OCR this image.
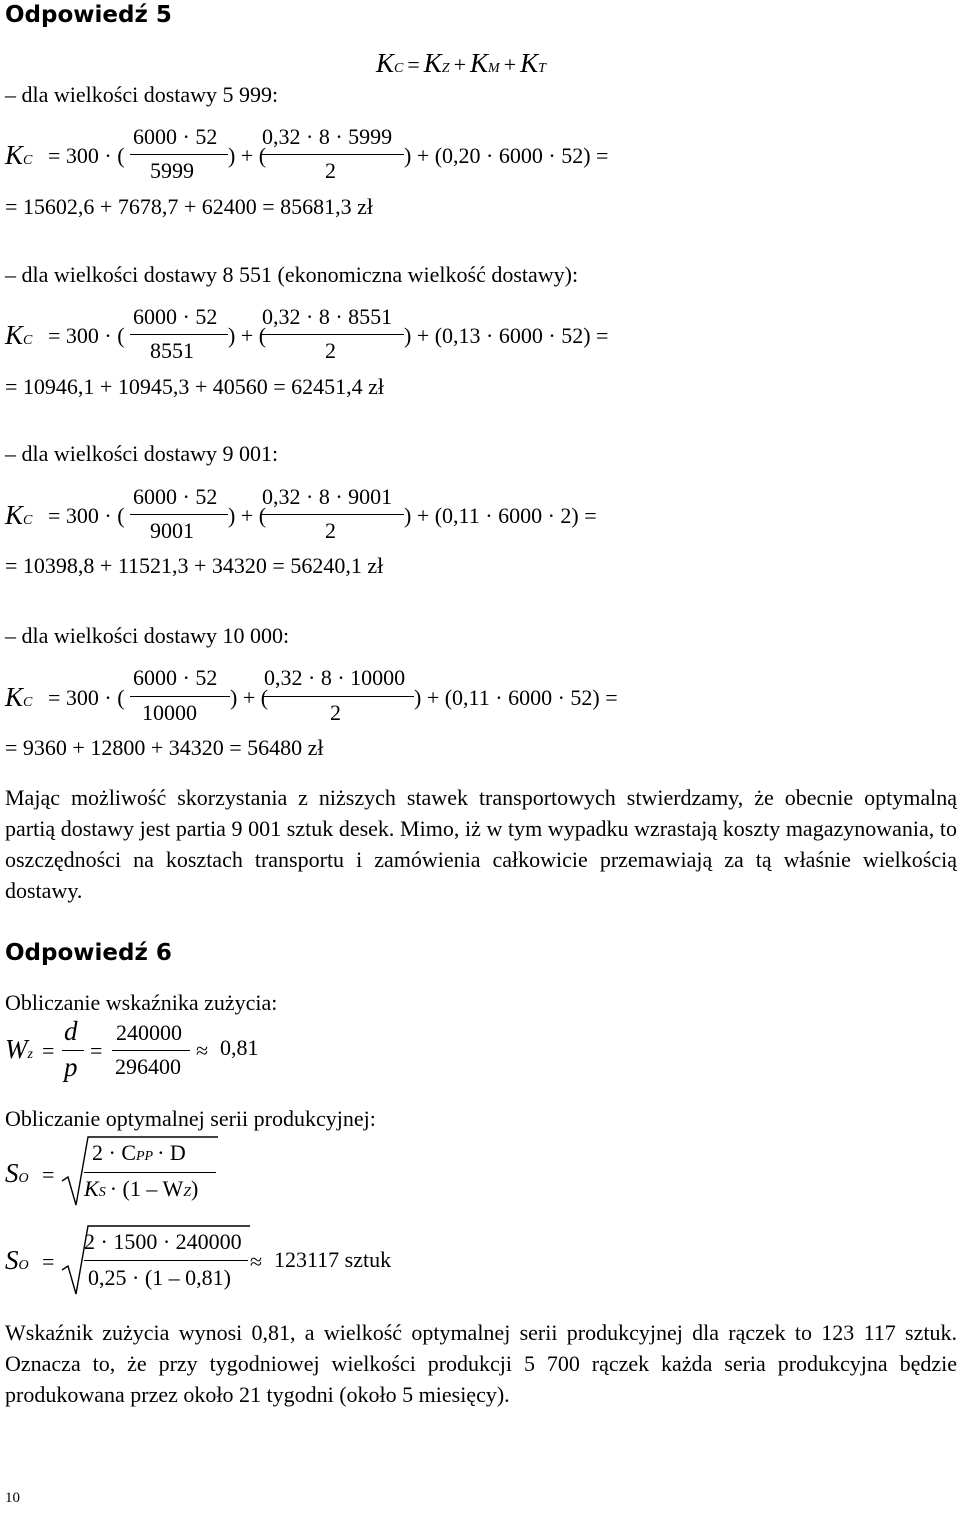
Odpowiedź 5
KC = KZ + KM + KT
– dla wielkości dostawy 5 999:
KC = 300 · (
6000 · 52
5999
) + (
0,32 · 8 · 5999
2
) + (0,20 · 6000 · 52) =
= 15602,6 + 7678,7 + 62400 = 85681,3 zł
– dla wielkości dostawy 8 551 (ekonomiczna wielkość dostawy):
KC = 300 · (
6000 · 52
8551
) + (
0,32 · 8 · 8551
2
) + (0,13 · 6000 · 52) =
= 10946,1 + 10945,3 + 40560 = 62451,4 zł
– dla wielkości dostawy 9 001:
KC = 300 · (
6000 · 52
9001
) + (
0,32 · 8 · 9001
2
) + (0,11 · 6000 · 2) =
= 10398,8 + 11521,3 + 34320 = 56240,1 zł
– dla wielkości dostawy 10 000:
KC = 300 · (
6000 · 52
10000
) + (
0,32 · 8 · 10000
2
) + (0,11 · 6000 · 52) =
= 9360 + 12800 + 34320 = 56480 zł
Mając możliwość skorzystania z niższych stawek transportowych stwierdzamy, że obecnie optymalną partią dostawy jest partia 9 001 sztuk desek. Mimo, iż w tym wypadku wzrastają koszty magazynowania, to oszczędności na kosztach transportu i zamówienia całkowicie przemawiają za tą właśnie wielkością dostawy.
Odpowiedź 6
Obliczanie wskaźnika zużycia:
Wz =
d
p
=
240000
296400
≈ 0,81
Obliczanie optymalnej serii produkcyjnej:
SO =
2 · CPP · D
KS · (1 – WZ)
SO =
2 · 1500 · 240000
0,25 · (1 – 0,81)
≈ 123117 sztuk
Wskaźnik zużycia wynosi 0,81, a wielkość optymalnej serii produkcyjnej dla rączek to 123 117 sztuk. Oznacza to, że przy tygodniowej wielkości produkcji 5 700 rączek każda seria produkcyjna będzie produkowana przez około 21 tygodni (około 5 miesięcy).
10
